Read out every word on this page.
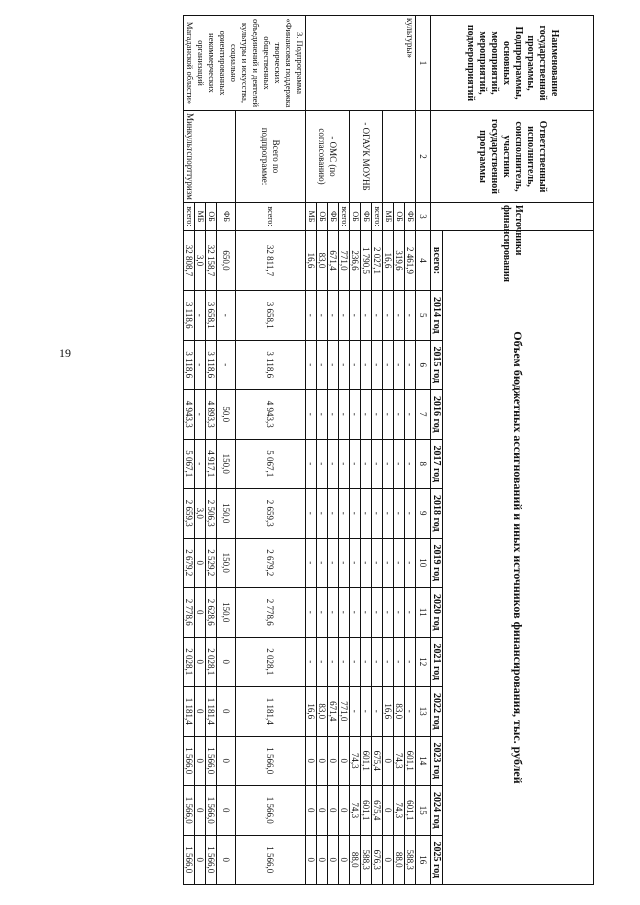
19
Наименование государственной программы, Подпрограммы, основных мероприятий, мероприятий, подмероприятий	Ответственный исполнитель, соисполнитель, участник государственной программы	Источники финансирования	Объем бюджетных ассигнований и иных источников финансирования, тыс. рублей												
			всего:	2014 год	2015 год	2016 год	2017 год	2018 год	2019 год	2020 год	2021 год	2022 год	2023 год	2024 год	2025 год

1	2	3	4	5	6	7	8	9	10	11	12	13	14	15	16
культуры»		ФБ	2 461,9	-	-	-	-	-	-	-	-	-	601,1	601,1	588,3
		ОБ	319,6	-	-	-	-	-	-	-	-	83,0	74,3	74,3	88,0
		МБ	16,6	-	-	-	-	-	-	-	-	16,6	0	0	0
	- ОГАУК МОУНБ	всего:	2 027,1	-	-	-	-	-	-	-	-	-	675,4	675,4	676,3
		ФБ	1 790,5	-	-	-	-	-	-	-	-	-	601,1	601,1	588,3
		ОБ	236,6	-	-	-	-	-	-	-	-	-	74,3	74,3	88,0
	- ОМС (по согласованию)	всего:	771,0	-	-	-	-	-	-	-	-	771,0	0	0	0
		ФБ	671,4	-	-	-	-	-	-	-	-	671,4	0	0	0
		ОБ	83,0	-	-	-	-	-	-	-	-	83,0	0	0	0
		МБ	16,6	-	-	-	-	-	-	-	-	16,6	0	0	0
3. Подпрограмма «Финансовая поддержка творческих общественных объединений и деятелей культуры и искусства, социально ориентированных некоммерческих организаций Магаданской области»	Всего по подпрограмме:	всего:	32 811,7	3 658,1	3 118,6	4 943,3	5 067,1	2 659,3	2 679,2	2 778,6	2 028,1	1 181,4	1 566,0	1 566,0	1 566,0
	Минкультспорттуризм	ФБ	650,0	-	-	50,0	150,0	150,0	150,0	150,0	0	0	0	0	0
		ОБ	32 158,7	3 658,1	3 118,6	4 893,3	4 917,1	2 506,3	2 529,2	2 628,6	2 028,1	1 181,4	1 566,0	1 566,0	1 566,0
		МБ	3,0	-	-	-	-	3,0	0	0	0	0	0	0	0
		всего:	32 808,7	3 118,6	3 118,6	4 943,3	5 067,1	2 659,3	2 679,2	2 778,6	2 028,1	1 181,4	1 566,0	1 566,0	1 566,0
